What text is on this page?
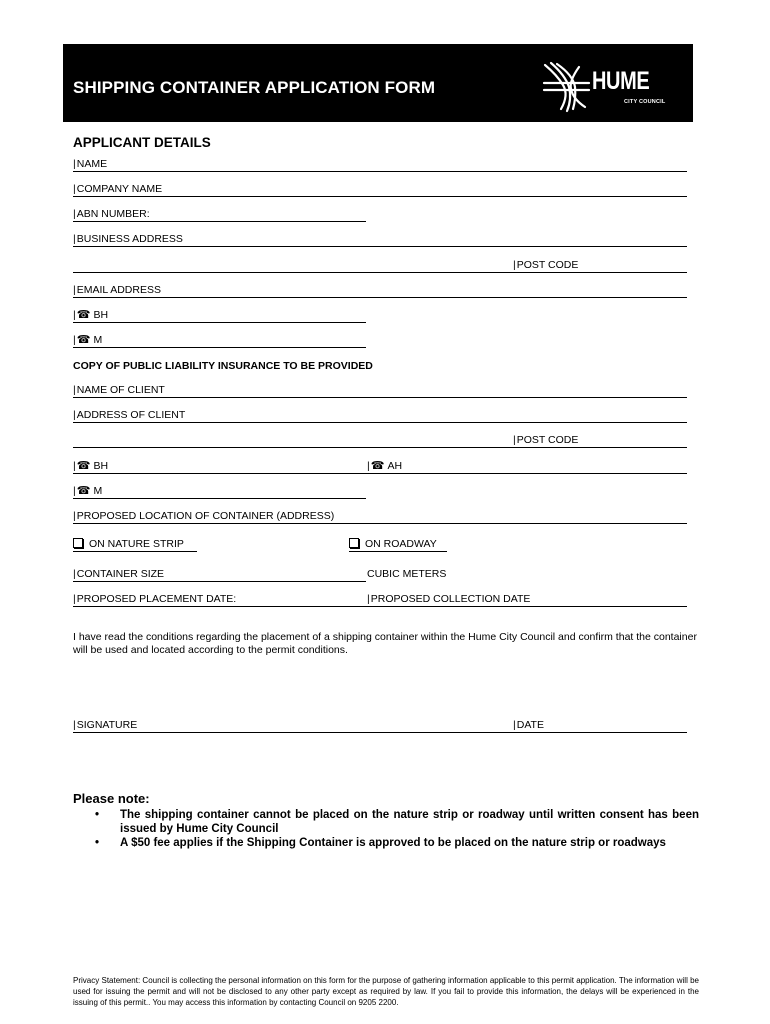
SHIPPING CONTAINER APPLICATION FORM	HUME
CITY COUNCIL
APPLICANT DETAILS
|NAME
|COMPANY NAME
|ABN NUMBER:
|BUSINESS ADDRESS
|POST CODE
|EMAIL ADDRESS
|☎ BH
|☎ M
COPY OF PUBLIC LIABILITY INSURANCE TO BE PROVIDED
|NAME OF CLIENT
|ADDRESS OF CLIENT
|POST CODE
|☎ BH	|☎ AH
|☎ M
|PROPOSED LOCATION OF CONTAINER (ADDRESS)
ON NATURE STRIP	ON ROADWAY
|CONTAINER SIZE	CUBIC METERS
|PROPOSED PLACEMENT DATE:	|PROPOSED COLLECTION DATE
I have read the conditions regarding the placement of a shipping container within the Hume City Council and confirm that the container will be used and located according to the permit conditions.
|SIGNATURE	|DATE
Please note:
• The shipping container cannot be placed on the nature strip or roadway until written consent has been issued by Hume City Council
• A $50 fee applies if the Shipping Container is approved to be placed on the nature strip or roadways
Privacy Statement: Council is collecting the personal information on this form for the purpose of gathering information applicable to this permit application. The information will be used for issuing the permit and will not be disclosed to any other party except as required by law. If you fail to provide this information, the delays will be experienced in the issuing of this permit.. You may access this information by contacting Council on 9205 2200.
